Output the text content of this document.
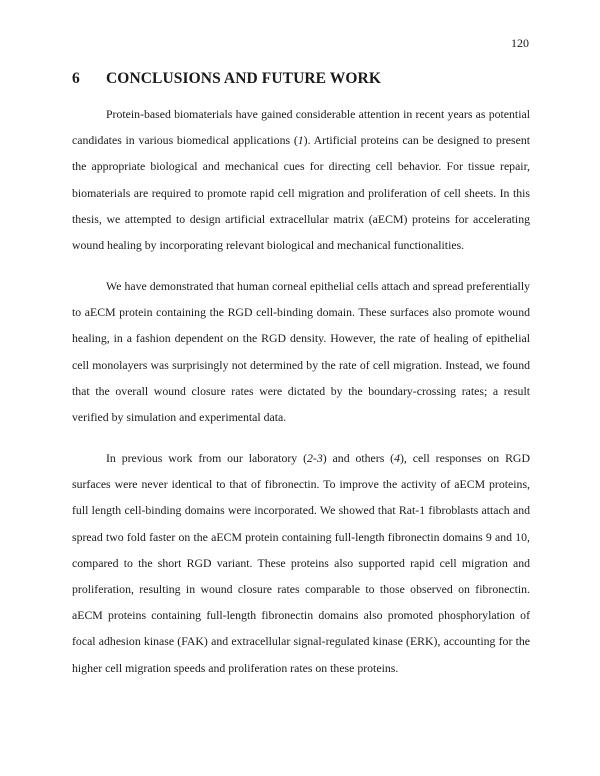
120
6 CONCLUSIONS AND FUTURE WORK

Protein-based biomaterials have gained considerable attention in recent years as potential candidates in various biomedical applications (1). Artificial proteins can be designed to present the appropriate biological and mechanical cues for directing cell behavior. For tissue repair, biomaterials are required to promote rapid cell migration and proliferation of cell sheets. In this thesis, we attempted to design artificial extracellular matrix (aECM) proteins for accelerating wound healing by incorporating relevant biological and mechanical functionalities.

We have demonstrated that human corneal epithelial cells attach and spread preferentially to aECM protein containing the RGD cell-binding domain. These surfaces also promote wound healing, in a fashion dependent on the RGD density. However, the rate of healing of epithelial cell monolayers was surprisingly not determined by the rate of cell migration. Instead, we found that the overall wound closure rates were dictated by the boundary-crossing rates; a result verified by simulation and experimental data.

In previous work from our laboratory (2-3) and others (4), cell responses on RGD surfaces were never identical to that of fibronectin. To improve the activity of aECM proteins, full length cell-binding domains were incorporated. We showed that Rat-1 fibroblasts attach and spread two fold faster on the aECM protein containing full-length fibronectin domains 9 and 10, compared to the short RGD variant. These proteins also supported rapid cell migration and proliferation, resulting in wound closure rates comparable to those observed on fibronectin. aECM proteins containing full-length fibronectin domains also promoted phosphorylation of focal adhesion kinase (FAK) and extracellular signal-regulated kinase (ERK), accounting for the higher cell migration speeds and proliferation rates on these proteins.
